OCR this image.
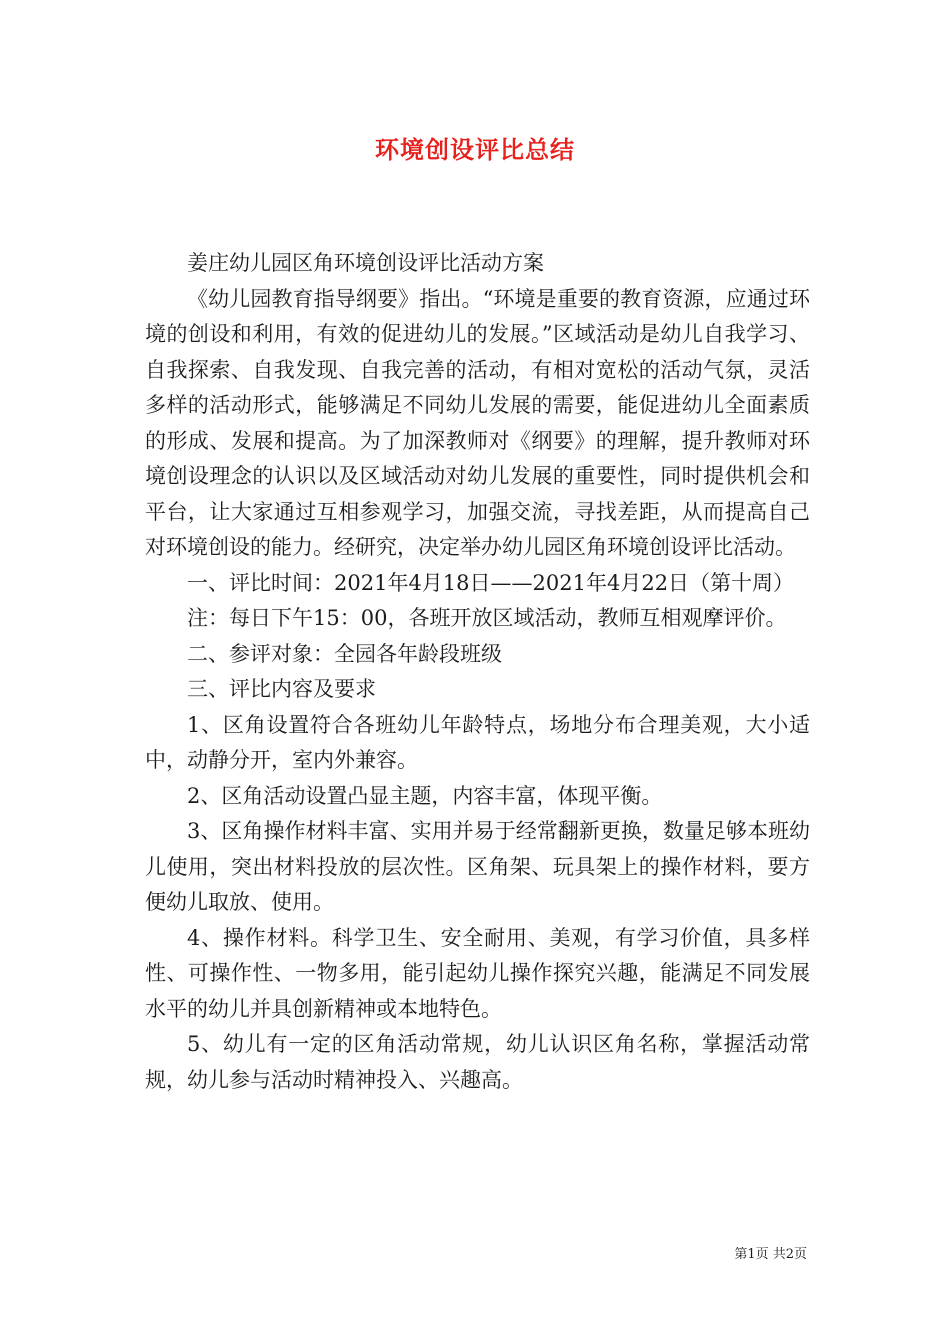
环境创设评比总结

姜庄幼儿园区角环境创设评比活动方案

《幼儿园教育指导纲要》指出。“环境是重要的教育资源，应通过环境的创设和利用，有效的促进幼儿的发展。”区域活动是幼儿自我学习、自我探索、自我发现、自我完善的活动，有相对宽松的活动气氛，灵活多样的活动形式，能够满足不同幼儿发展的需要，能促进幼儿全面素质的形成、发展和提高。为了加深教师对《纲要》的理解，提升教师对环境创设理念的认识以及区域活动对幼儿发展的重要性，同时提供机会和平台，让大家通过互相参观学习，加强交流，寻找差距，从而提高自己对环境创设的能力。经研究，决定举办幼儿园区角环境创设评比活动。

一、评比时间：2021年4月18日——2021年4月22日（第十周）

注：每日下午15：00，各班开放区域活动，教师互相观摩评价。

二、参评对象：全园各年龄段班级

三、评比内容及要求

1、区角设置符合各班幼儿年龄特点，场地分布合理美观，大小适中，动静分开，室内外兼容。

2、区角活动设置凸显主题，内容丰富，体现平衡。

3、区角操作材料丰富、实用并易于经常翻新更换，数量足够本班幼儿使用，突出材料投放的层次性。区角架、玩具架上的操作材料，要方便幼儿取放、使用。

4、操作材料。科学卫生、安全耐用、美观，有学习价值，具多样性、可操作性、一物多用，能引起幼儿操作探究兴趣，能满足不同发展水平的幼儿并具创新精神或本地特色。

5、幼儿有一定的区角活动常规，幼儿认识区角名称，掌握活动常规，幼儿参与活动时精神投入、兴趣高。

第1页 共2页
